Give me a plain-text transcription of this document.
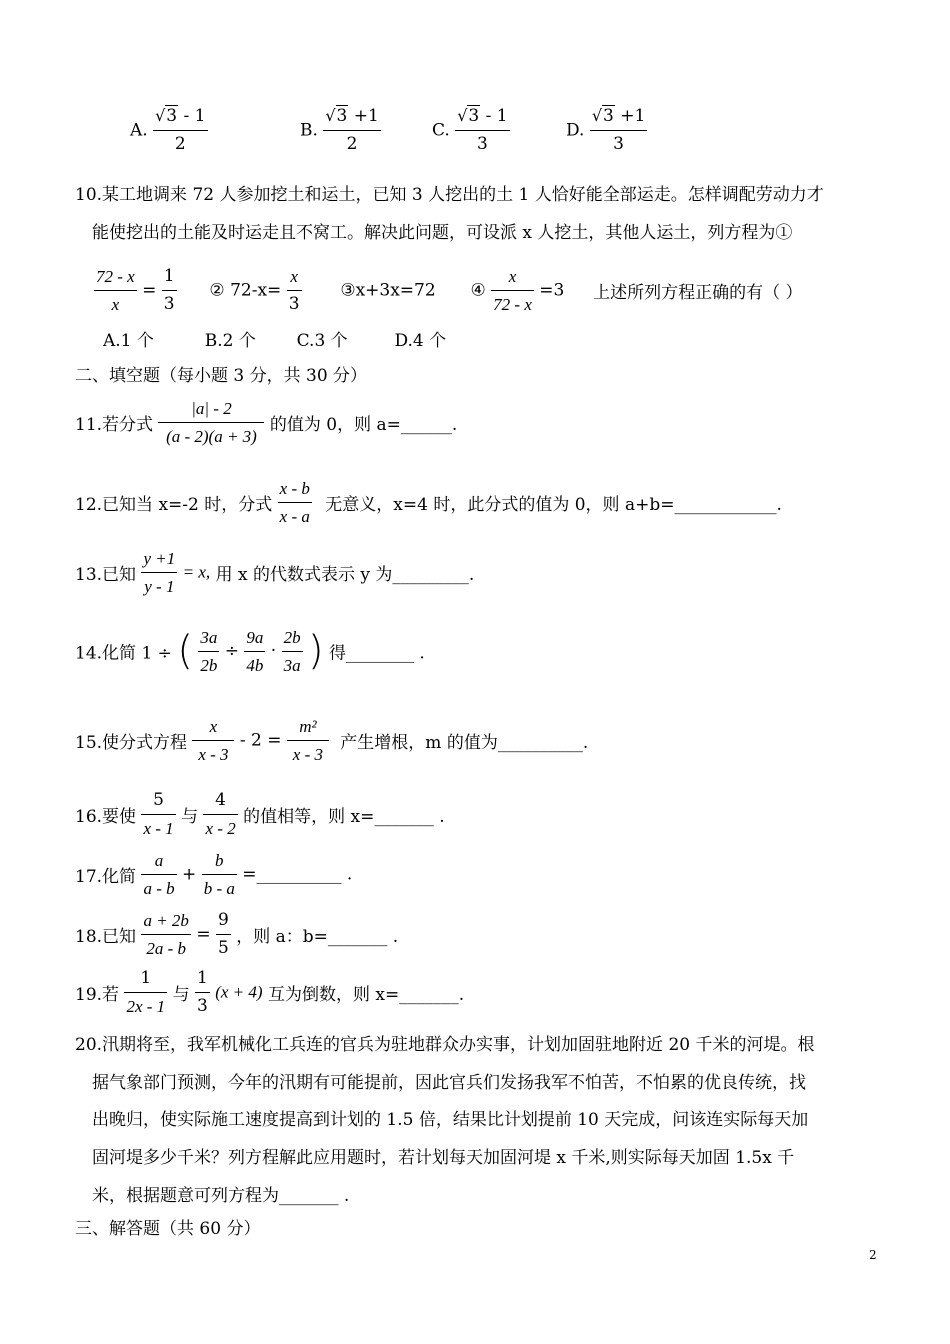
A. $\frac{√3 - 1}{2}$	B. $\frac{√3 +1}{2}$	C. $\frac{√3 - 1}{3}$	D. $\frac{√3 +1}{3}$
10.某工地调来 72 人参加挖土和运土，已知 3 人挖出的土 1 人恰好能全部运走。怎样调配劳动力才
能使挖出的土能及时运走且不窝工。解决此问题，可设派 x 人挖土，其他人运土，列方程为①
$\frac{72 - x}{x} = \frac{1}{3}$ ② $72-x= \frac{x}{3}$ ③x+3x=72 ④ $\frac{x}{72 - x} =3$ 上述所列方程正确的有（ ）
A.1 个	B.2 个 C.3 个	D.4 个
二、填空题（每小题 3 分，共 30 分）
11.若分式 $\frac{|a| - 2}{(a - 2)(a + 3)}$ 的值为 0，则 a=______.
12.已知当 x=-2 时，分式 $\frac{x - b}{x - a}$ 无意义，x=4 时，此分式的值为 0，则 a+b=____________.
13.已知 $\frac{y +1}{y - 1} = x$, 用 x 的代数式表示 y 为_________.
14.化简 1 ÷ ( $\frac{3a}{2b} \div \frac{9a}{4b} \cdot \frac{2b}{3a}$ ) 得________ .
15.使分式方程 $\frac{x}{x - 3} - 2 = \frac{\text{m²}}{x - 3}$ 产生增根，m 的值为__________.
16.要使 $\frac{5}{x - 1}$ 与 $\frac{4}{x - 2}$ 的值相等，则 x=_______ .
17.化简 $\frac{a}{a - b} + \frac{b}{b - a}$ =__________ .
18.已知 $\frac{a + 2b}{2a - b} = \frac{9}{5}$ ，则 a：b=_______ .
19.若 $\frac{1}{2x - 1}$ 与 $\frac{1}{3} (x + 4)$ 互为倒数，则 x=_______.
20.汛期将至，我军机械化工兵连的官兵为驻地群众办实事，计划加固驻地附近 20 千米的河堤。根
据气象部门预测，今年的汛期有可能提前，因此官兵们发扬我军不怕苦，不怕累的优良传统，找
出晚归，使实际施工速度提高到计划的 1.5 倍，结果比计划提前 10 天完成，问该连实际每天加
固河堤多少千米？列方程解此应用题时，若计划每天加固河堤 x 千米,则实际每天加固 1.5x 千
米，根据题意可列方程为_______ .
三、解答题（共 60 分）
2
